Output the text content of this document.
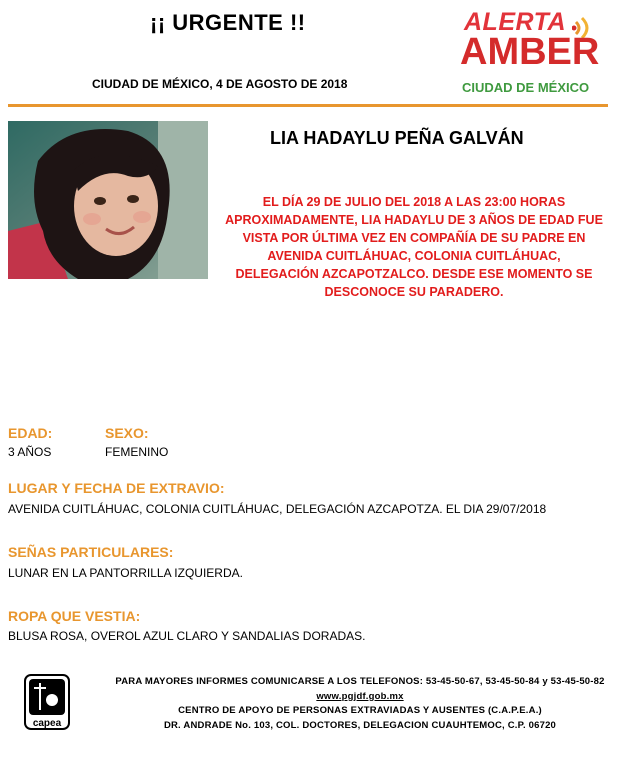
¡¡ URGENTE !!
CIUDAD DE MÉXICO, 4 DE AGOSTO DE 2018
ALERTA
AMBER
CIUDAD DE MÉXICO
LIA HADAYLU PEÑA GALVÁN
EL DÍA 29 DE JULIO DEL 2018 A LAS 23:00 HORAS
APROXIMADAMENTE, LIA HADAYLU DE 3 AÑOS DE EDAD FUE
VISTA POR ÚLTIMA VEZ EN COMPAÑÍA DE SU PADRE EN
AVENIDA CUITLÁHUAC, COLONIA CUITLÁHUAC,
DELEGACIÓN AZCAPOTZALCO. DESDE ESE MOMENTO SE
DESCONOCE SU PARADERO.
EDAD:
3 AÑOS
SEXO:
FEMENINO
LUGAR Y FECHA DE EXTRAVIO:
AVENIDA CUITLÁHUAC, COLONIA CUITLÁHUAC, DELEGACIÓN AZCAPOTZA. EL DIA 29/07/2018
SEÑAS PARTICULARES:
LUNAR EN LA PANTORRILLA IZQUIERDA.
ROPA QUE VESTIA:
BLUSA ROSA, OVEROL AZUL CLARO Y SANDALIAS DORADAS.
capea
PARA MAYORES INFORMES COMUNICARSE A LOS TELEFONOS: 53-45-50-67, 53-45-50-84 y 53-45-50-82
www.pgjdf.gob.mx
CENTRO DE APOYO DE PERSONAS EXTRAVIADAS Y AUSENTES (C.A.P.E.A.)
DR. ANDRADE No. 103, COL. DOCTORES, DELEGACION CUAUHTEMOC, C.P. 06720
